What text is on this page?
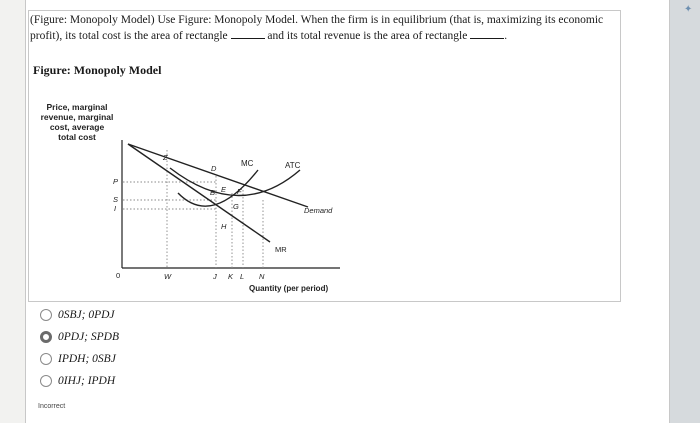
✦
(Figure: Monopoly Model) Use Figure: Monopoly Model. When the firm is in equilibrium (that is, maximizing its economic profit), its total cost is the area of rectangle	and its total revenue is the area of rectangle	.
Figure: Monopoly Model
Price, marginal
revenue, marginal
cost, average
total cost
MC	ATC
Demand
MR
Z
D
B E F
G
H
P
S
I
0	W	J K L N
Quantity (per period)
0SBJ; 0PDJ
0PDJ; SPDB
IPDH; 0SBJ
0IHJ; IPDH
Incorrect
